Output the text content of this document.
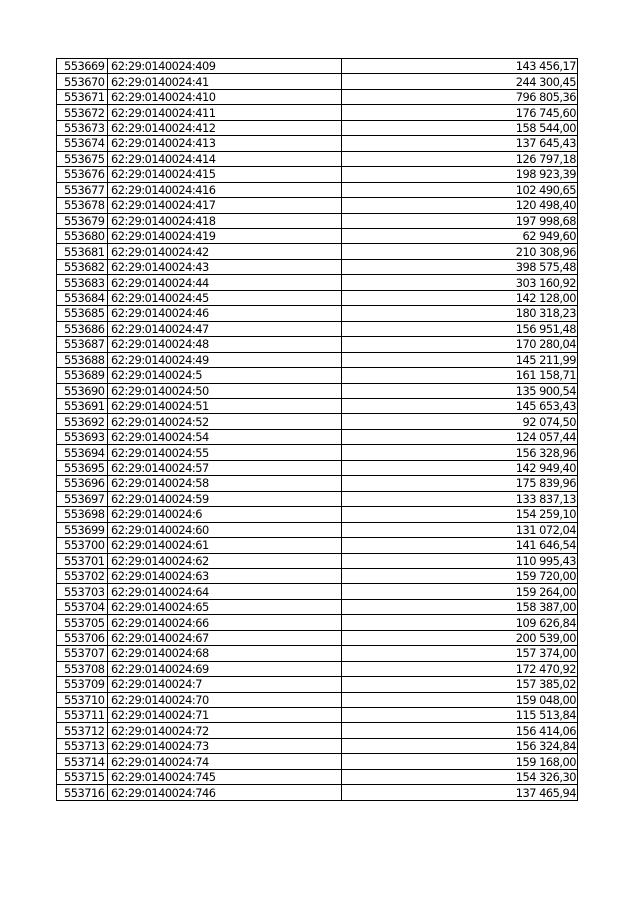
553669	62:29:0140024:409	143 456,17
553670	62:29:0140024:41	244 300,45
553671	62:29:0140024:410	796 805,36
553672	62:29:0140024:411	176 745,60
553673	62:29:0140024:412	158 544,00
553674	62:29:0140024:413	137 645,43
553675	62:29:0140024:414	126 797,18
553676	62:29:0140024:415	198 923,39
553677	62:29:0140024:416	102 490,65
553678	62:29:0140024:417	120 498,40
553679	62:29:0140024:418	197 998,68
553680	62:29:0140024:419	62 949,60
553681	62:29:0140024:42	210 308,96
553682	62:29:0140024:43	398 575,48
553683	62:29:0140024:44	303 160,92
553684	62:29:0140024:45	142 128,00
553685	62:29:0140024:46	180 318,23
553686	62:29:0140024:47	156 951,48
553687	62:29:0140024:48	170 280,04
553688	62:29:0140024:49	145 211,99
553689	62:29:0140024:5	161 158,71
553690	62:29:0140024:50	135 900,54
553691	62:29:0140024:51	145 653,43
553692	62:29:0140024:52	92 074,50
553693	62:29:0140024:54	124 057,44
553694	62:29:0140024:55	156 328,96
553695	62:29:0140024:57	142 949,40
553696	62:29:0140024:58	175 839,96
553697	62:29:0140024:59	133 837,13
553698	62:29:0140024:6	154 259,10
553699	62:29:0140024:60	131 072,04
553700	62:29:0140024:61	141 646,54
553701	62:29:0140024:62	110 995,43
553702	62:29:0140024:63	159 720,00
553703	62:29:0140024:64	159 264,00
553704	62:29:0140024:65	158 387,00
553705	62:29:0140024:66	109 626,84
553706	62:29:0140024:67	200 539,00
553707	62:29:0140024:68	157 374,00
553708	62:29:0140024:69	172 470,92
553709	62:29:0140024:7	157 385,02
553710	62:29:0140024:70	159 048,00
553711	62:29:0140024:71	115 513,84
553712	62:29:0140024:72	156 414,06
553713	62:29:0140024:73	156 324,84
553714	62:29:0140024:74	159 168,00
553715	62:29:0140024:745	154 326,30
553716	62:29:0140024:746	137 465,94
